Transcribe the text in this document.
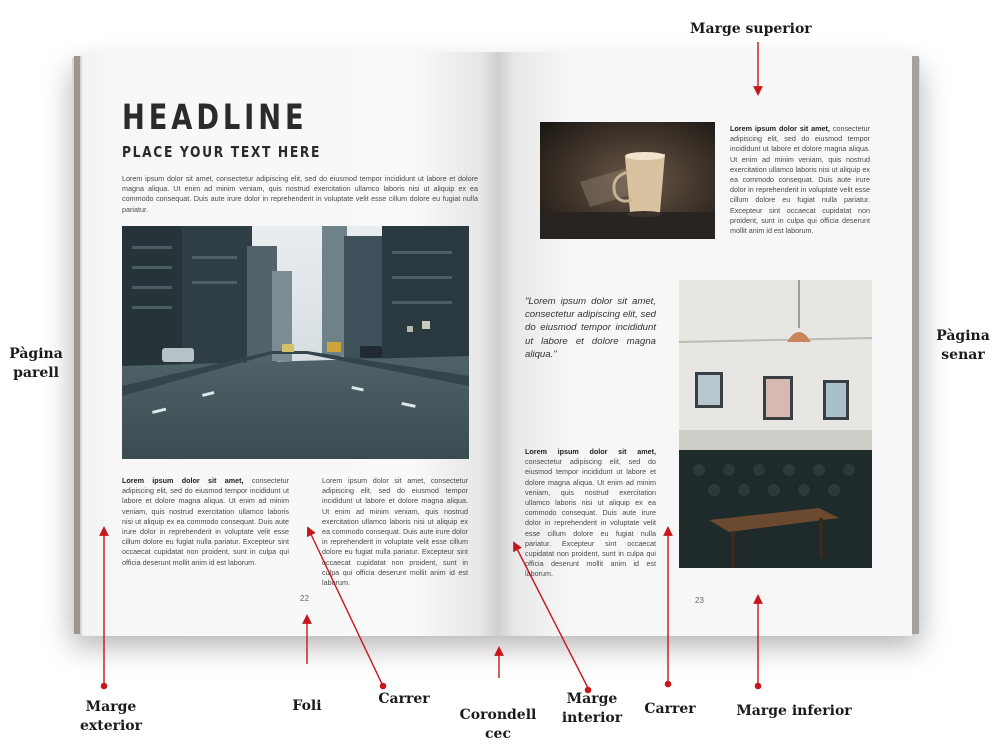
HEADLINE
PLACE YOUR TEXT HERE
Lorem ipsum dolor sit amet, consectetur adipiscing elit, sed do eiusmod tempor incididunt ut labore et dolore magna aliqua. Ut enim ad minim veniam, quis nostrud exercitation ullamco laboris nisi ut aliquip ex ea commodo consequat. Duis aute irure dolor in reprehenderit in voluptate velit esse cillum dolore eu fugiat nulla pariatur.
Lorem ipsum dolor sit amet, consectetur adipiscing elit, sed do eiusmod tempor incididunt ut labore et dolore magna aliqua. Ut enim ad minim veniam, quis nostrud exercitation ullamco laboris nisi ut aliquip ex ea commodo consequat. Duis aute irure dolor in reprehenderit in voluptate velit esse cillum dolore eu fugiat nulla pariatur. Excepteur sint occaecat cupidatat non proident, sunt in culpa qui officia deserunt mollit anim id est laborum.
Lorem ipsum dolor sit amet, consectetur adipiscing elit, sed do eiusmod tempor incididunt ut labore et dolore magna aliqua. Ut enim ad minim veniam, quis nostrud exercitation ullamco laboris nisi ut aliquip ex ea commodo consequat. Duis aute irure dolor in reprehenderit in voluptate velit esse cillum dolore eu fugiat nulla pariatur. Excepteur sint occaecat cupidatat non proident, sunt in culpa qui officia deserunt mollit anim id est laborum.
22
Lorem ipsum dolor sit amet, consectetur adipiscing elit, sed do eiusmod tempor incididunt ut labore et dolore magna aliqua. Ut enim ad minim veniam, quis nostrud exercitation ullamco laboris nisi ut aliquip ex ea commodo consequat. Duis aute irure dolor in reprehenderit in voluptate velit esse cillum dolore eu fugiat nulla pariatur. Excepteur sint occaecat cupidatat non proident, sunt in culpa qui officia deserunt mollit anim id est laborum.
"Lorem ipsum dolor sit amet, consectetur adipiscing elit, sed do eiusmod tempor incididunt ut labore et dolore magna aliqua."
Lorem ipsum dolor sit amet, consectetur adipiscing elit, sed do eiusmod tempor incididunt ut labore et dolore magna aliqua. Ut enim ad minim veniam, quis nostrud exercitation ullamco laboris nisi ut aliquip ex ea commodo consequat. Duis aute irure dolor in reprehenderit in voluptate velit esse cillum dolore eu fugiat nulla pariatur. Excepteur sint occaecat cupidatat non proident, sunt in culpa qui officia deserunt mollit anim id est laborum.
23
Marge superior
Pàgina
parell
Pàgina
senar
Marge
exterior
Foli	Carrer
Corondell
cec
Marge
interior
Carrer	Marge inferior
